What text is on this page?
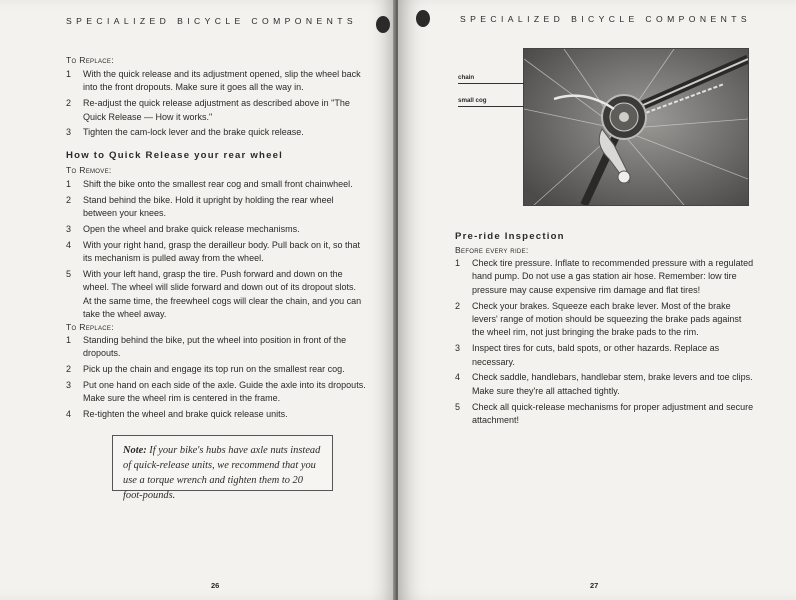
SPECIALIZED BICYCLE COMPONENTS
To Replace:
1 With the quick release and its adjustment opened, slip the wheel back into the front dropouts. Make sure it goes all the way in.
2 Re-adjust the quick release adjustment as described above in "The Quick Release — How it works."
3 Tighten the cam-lock lever and the brake quick release.
How to Quick Release your rear wheel
To Remove:
1 Shift the bike onto the smallest rear cog and small front chainwheel.
2 Stand behind the bike. Hold it upright by holding the rear wheel between your knees.
3 Open the wheel and brake quick release mechanisms.
4 With your right hand, grasp the derailleur body. Pull back on it, so that its mechanism is pulled away from the wheel.
5 With your left hand, grasp the tire. Push forward and down on the wheel. The wheel will slide forward and down out of its dropout slots. At the same time, the freewheel cogs will clear the chain, and you can take the wheel away.
To Replace:
1 Standing behind the bike, put the wheel into position in front of the dropouts.
2 Pick up the chain and engage its top run on the smallest rear cog.
3 Put one hand on each side of the axle. Guide the axle into its dropouts. Make sure the wheel rim is centered in the frame.
4 Re-tighten the wheel and brake quick release units.
Note: If your bike's hubs have axle nuts instead of quick-release units, we recommend that you use a torque wrench and tighten them to 20 foot-pounds.
26
SPECIALIZED BICYCLE COMPONENTS
chain
small cog
Pre-ride Inspection
Before every ride:
1 Check tire pressure. Inflate to recommended pressure with a regulated hand pump. Do not use a gas station air hose. Remember: low tire pressure may cause expensive rim damage and flat tires!
2 Check your brakes. Squeeze each brake lever. Most of the brake levers' range of motion should be squeezing the brake pads against the wheel rim, not just bringing the brake pads to the rim.
3 Inspect tires for cuts, bald spots, or other hazards. Replace as necessary.
4 Check saddle, handlebars, handlebar stem, brake levers and toe clips. Make sure they're all attached tightly.
5 Check all quick-release mechanisms for proper adjustment and secure attachment!
27
